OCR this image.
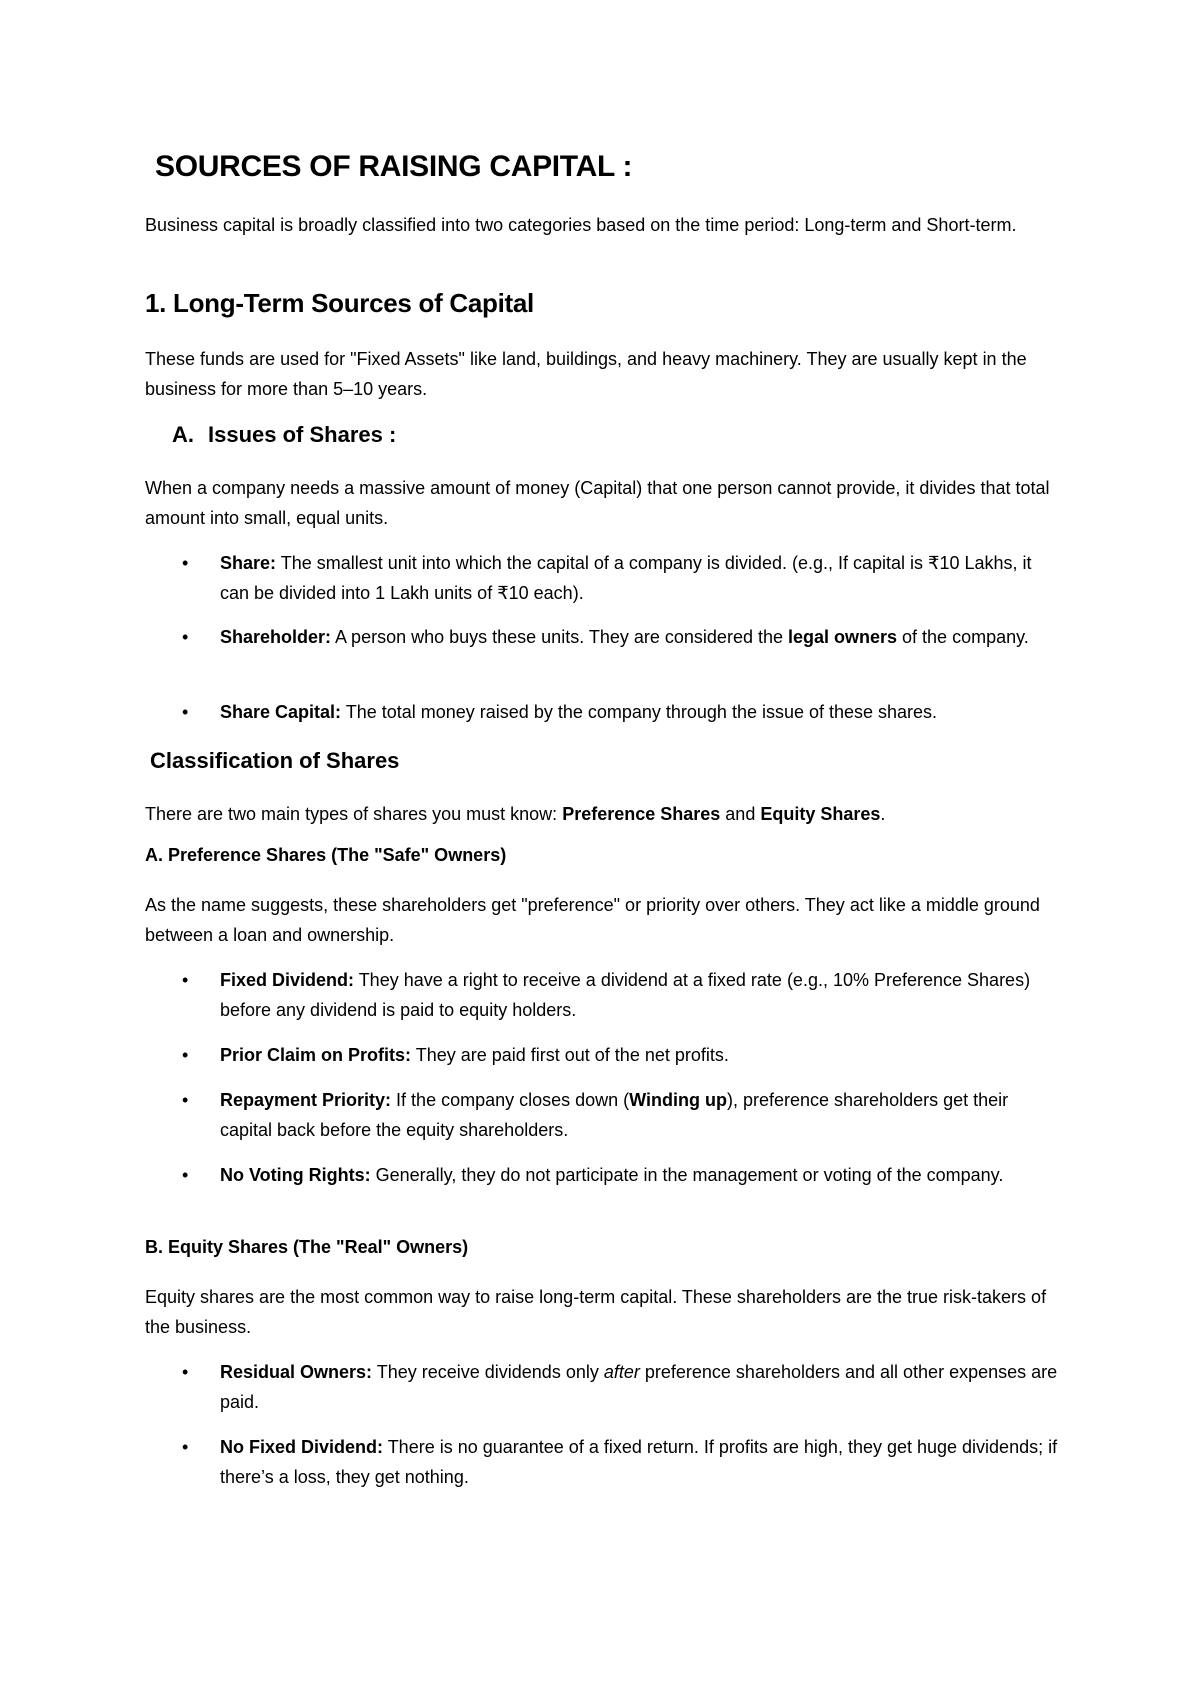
SOURCES OF RAISING CAPITAL :

Business capital is broadly classified into two categories based on the time period: Long-term and Short-term.

1. Long-Term Sources of Capital

These funds are used for "Fixed Assets" like land, buildings, and heavy machinery. They are usually kept in the business for more than 5–10 years.

A. Issues of Shares :

When a company needs a massive amount of money (Capital) that one person cannot provide, it divides that total amount into small, equal units.

• Share: The smallest unit into which the capital of a company is divided. (e.g., If capital is ₹10 Lakhs, it can be divided into 1 Lakh units of ₹10 each).
• Shareholder: A person who buys these units. They are considered the legal owners of the company.
• Share Capital: The total money raised by the company through the issue of these shares.
Classification of Shares

There are two main types of shares you must know: Preference Shares and Equity Shares.

A. Preference Shares (The "Safe" Owners)

As the name suggests, these shareholders get "preference" or priority over others. They act like a middle ground between a loan and ownership.

• Fixed Dividend: They have a right to receive a dividend at a fixed rate (e.g., 10% Preference Shares) before any dividend is paid to equity holders.
• Prior Claim on Profits: They are paid first out of the net profits.
• Repayment Priority: If the company closes down (Winding up), preference shareholders get their capital back before the equity shareholders.
• No Voting Rights: Generally, they do not participate in the management or voting of the company.
B. Equity Shares (The "Real" Owners)

Equity shares are the most common way to raise long-term capital. These shareholders are the true risk-takers of the business.

• Residual Owners: They receive dividends only after preference shareholders and all other expenses are paid.
• No Fixed Dividend: There is no guarantee of a fixed return. If profits are high, they get huge dividends; if there’s a loss, they get nothing.
